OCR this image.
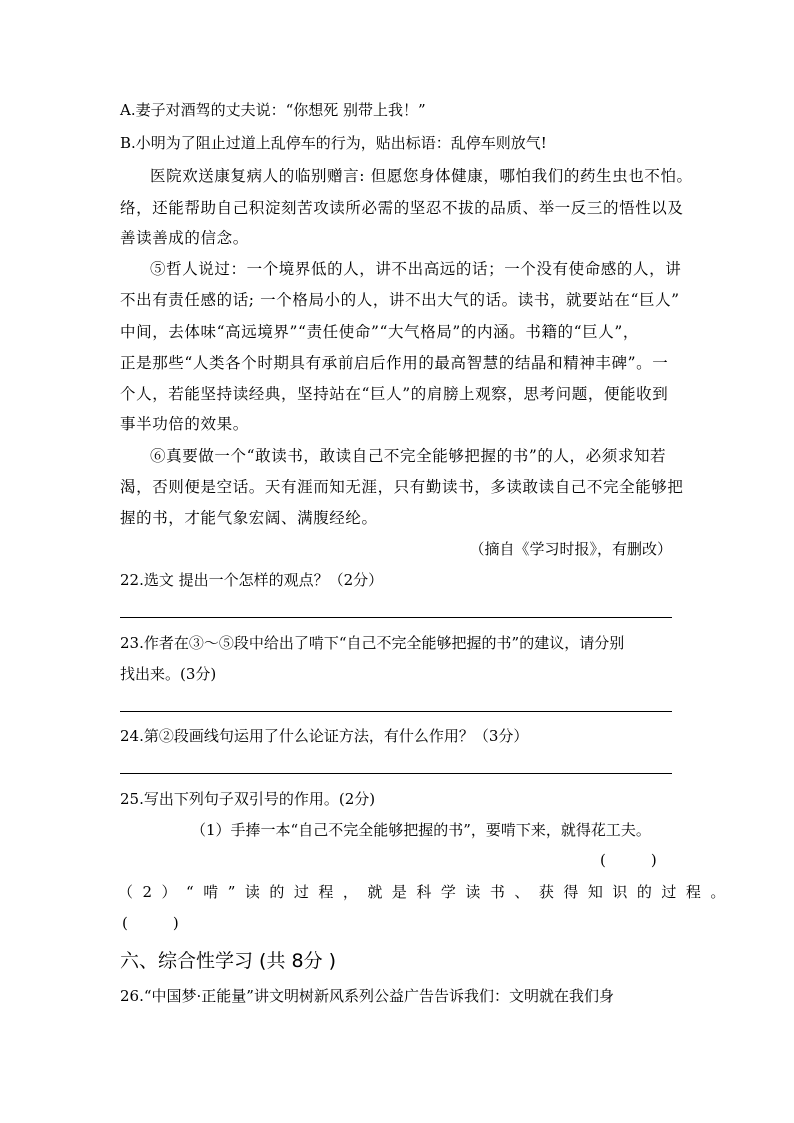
A.妻子对酒驾的丈夫说：“你想死 别带上我！”
B.小明为了阻止过道上乱停车的行为，贴出标语：乱停车则放气!
医院欢送康复病人的临别赠言: 但愿您身体健康，哪怕我们的药生虫也不怕。
络，还能帮助自己积淀刻苦攻读所必需的坚忍不拔的品质、举一反三的悟性以及
善读善成的信念。
⑤哲人说过：一个境界低的人，讲不出高远的话；一个没有使命感的人，讲
不出有责任感的话; 一个格局小的人，讲不出大气的话。读书，就要站在“巨人”
中间，去体味“高远境界”“责任使命”“大气格局”的内涵。书籍的“巨人”，
正是那些“人类各个时期具有承前启后作用的最高智慧的结晶和精神丰碑”。一
个人，若能坚持读经典，坚持站在“巨人”的肩膀上观察，思考问题，便能收到
事半功倍的效果。
⑥真要做一个“敢读书，敢读自己不完全能够把握的书”的人，必须求知若
渴，否则便是空话。天有涯而知无涯，只有勤读书，多读敢读自己不完全能够把
握的书，才能气象宏阔、满腹经纶。
（摘自《学习时报》，有删改）
22.选文 提出一个怎样的观点？（2分）
23.作者在③～⑤段中给出了啃下“自己不完全能够把握的书”的建议，请分别
找出来。(3分)
24.第②段画线句运用了什么论证方法，有什么作用？（3分）
25.写出下列句子双引号的作用。(2分)
（1）手捧一本“自己不完全能够把握的书”，要啃下来，就得花工夫。
(　　　)
（2）“啃”读的过程，就是科学读书、获得知识的过程。
(　　　)
六、综合性学习 (共 8分 )
26.“中国梦·正能量”讲文明树新风系列公益广告告诉我们：文明就在我们身
